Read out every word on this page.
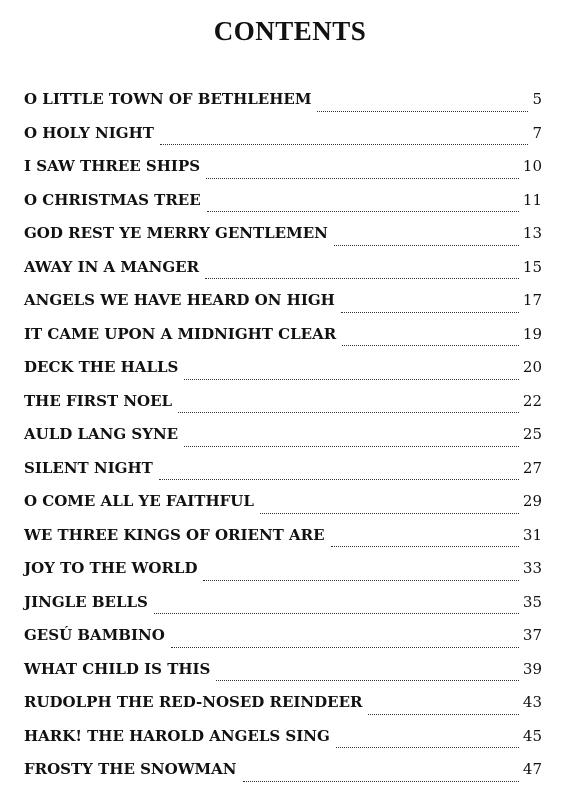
CONTENTS
O LITTLE TOWN OF BETHLEHEM	5
O HOLY NIGHT	7
I SAW THREE SHIPS	10
O CHRISTMAS TREE	11
GOD REST YE MERRY GENTLEMEN	13
AWAY IN A MANGER	15
ANGELS WE HAVE HEARD ON HIGH	17
IT CAME UPON A MIDNIGHT CLEAR	19
DECK THE HALLS	20
THE FIRST NOEL	22
AULD LANG SYNE	25
SILENT NIGHT	27
O COME ALL YE FAITHFUL	29
WE THREE KINGS OF ORIENT ARE	31
JOY TO THE WORLD	33
JINGLE BELLS	35
GESÚ BAMBINO	37
WHAT CHILD IS THIS	39
RUDOLPH THE RED-NOSED REINDEER	43
HARK! THE HAROLD ANGELS SING	45
FROSTY THE SNOWMAN	47
